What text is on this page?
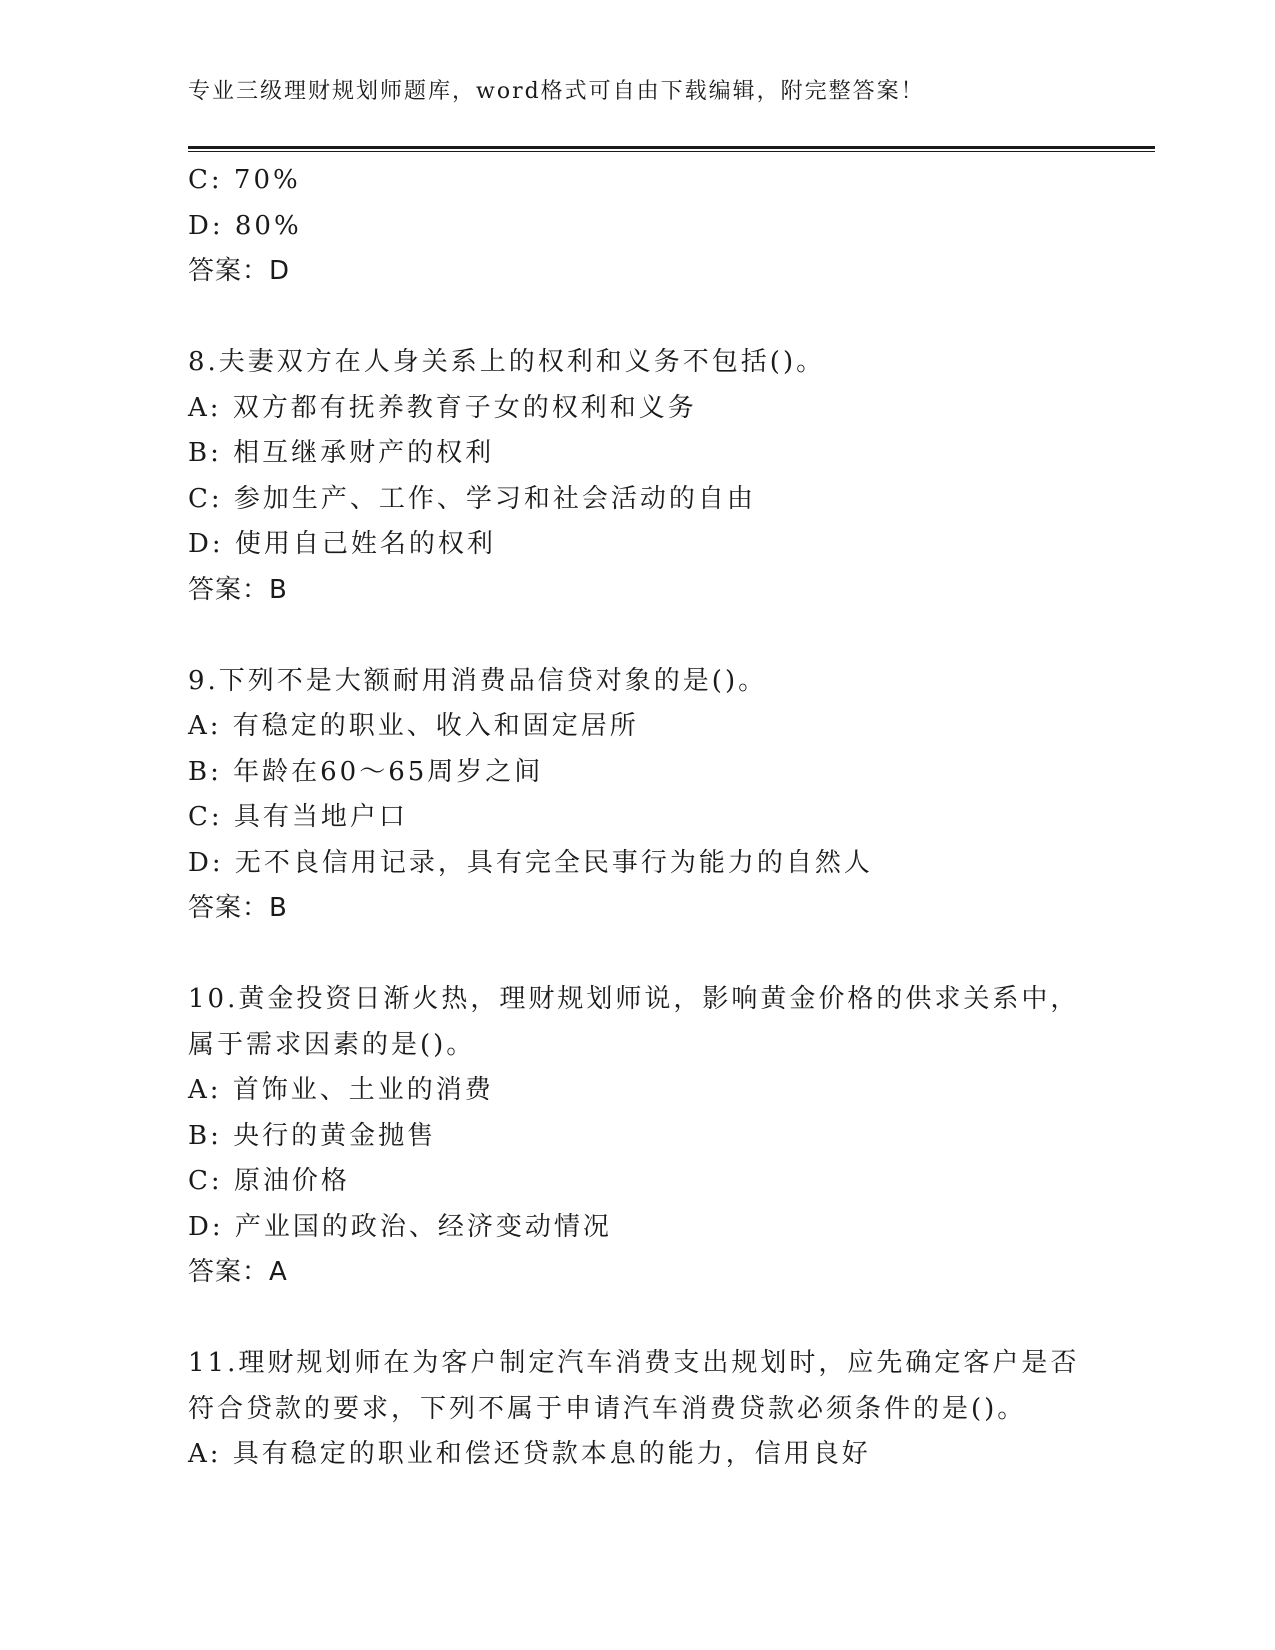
专业三级理财规划师题库，word格式可自由下载编辑，附完整答案！
C: 70%
D: 80%
答案：D
8.夫妻双方在人身关系上的权利和义务不包括()。
A: 双方都有抚养教育子女的权利和义务
B: 相互继承财产的权利
C: 参加生产、工作、学习和社会活动的自由
D: 使用自己姓名的权利
答案：B
9.下列不是大额耐用消费品信贷对象的是()。
A: 有稳定的职业、收入和固定居所
B: 年龄在60～65周岁之间
C: 具有当地户口
D: 无不良信用记录，具有完全民事行为能力的自然人
答案：B
10.黄金投资日渐火热，理财规划师说，影响黄金价格的供求关系中，
属于需求因素的是()。
A: 首饰业、土业的消费
B: 央行的黄金抛售
C: 原油价格
D: 产业国的政治、经济变动情况
答案：A
11.理财规划师在为客户制定汽车消费支出规划时，应先确定客户是否
符合贷款的要求，下列不属于申请汽车消费贷款必须条件的是()。
A: 具有稳定的职业和偿还贷款本息的能力，信用良好
